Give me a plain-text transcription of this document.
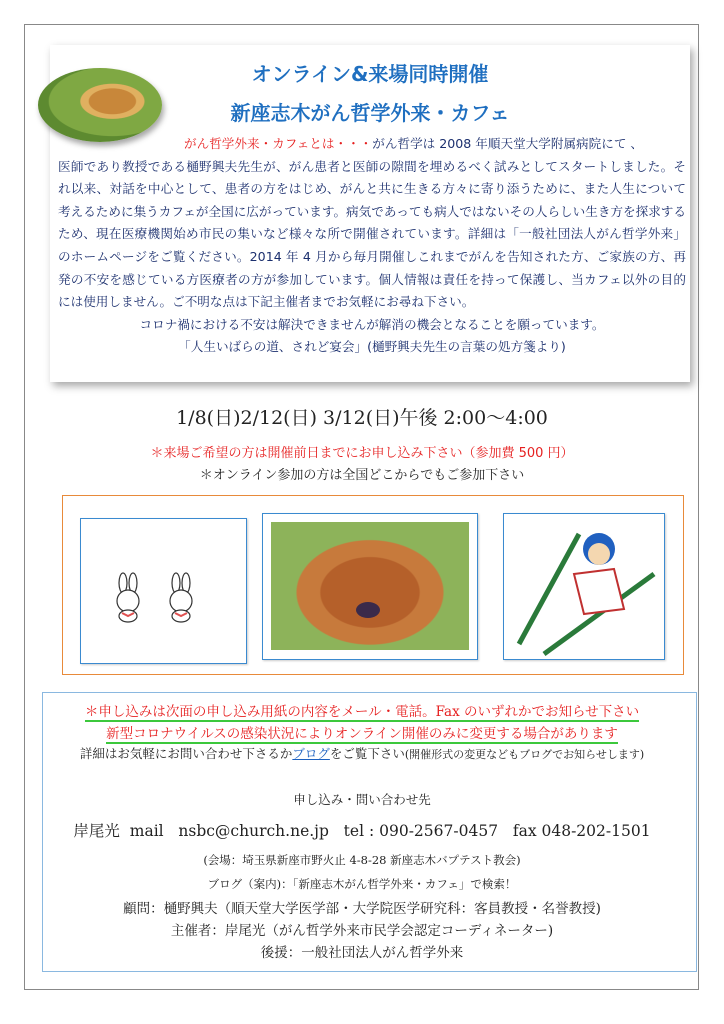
オンライン&来場同時開催
新座志木がん哲学外来・カフェ
がん哲学外来・カフェとは・・・がん哲学は 2008 年順天堂大学附属病院にて 、
医師であり教授である樋野興夫先生が、がん患者と医師の隙間を埋めるべく試みとしてスタートしました。それ以来、対話を中心として、患者の方をはじめ、がんと共に生きる方々に寄り添うために、また人生について考えるために集うカフェが全国に広がっています。病気であっても病人ではないその人らしい生き方を探求するため、現在医療機関始め市民の集いなど様々な所で開催されています。詳細は「一般社団法人がん哲学外来」のホームページをご覧ください。2014 年 4 月から毎月開催しこれまでがんを告知された方、ご家族の方、再発の不安を感じている方医療者の方が参加しています。個人情報は責任を持って保護し、当カフェ以外の目的には使用しません。ご不明な点は下記主催者までお気軽にお尋ね下さい。
コロナ禍における不安は解決できませんが解消の機会となることを願っています。
「人生いばらの道、されど宴会」(樋野興夫先生の言葉の処方箋より)
1/8(日)2/12(日) 3/12(日)午後 2:00～4:00
＊来場ご希望の方は開催前日までにお申し込み下さい（参加費 500 円）
＊オンライン参加の方は全国どこからでもご参加下さい
＊申し込みは次面の申し込み用紙の内容をメール・電話。Fax のいずれかでお知らせ下さい
新型コロナウイルスの感染状況によりオンライン開催のみに変更する場合があります
詳細はお気軽にお問い合わせ下さるかブログをご覧下さい(開催形式の変更などもブログでお知らせします)
申し込み・問い合わせ先
岸尾光  mail   nsbc@church.ne.jp   tel : 090-2567-0457   fax 048-202-1501
(会場：埼玉県新座市野火止 4-8-28 新座志木バプテスト教会)
ブログ（案内)：「新座志木がん哲学外来・カフェ」で検索！
顧問：樋野興夫（順天堂大学医学部・大学院医学研究科：客員教授・名誉教授)
主催者：岸尾光（がん哲学外来市民学会認定コーディネーター)
後援：一般社団法人がん哲学外来
